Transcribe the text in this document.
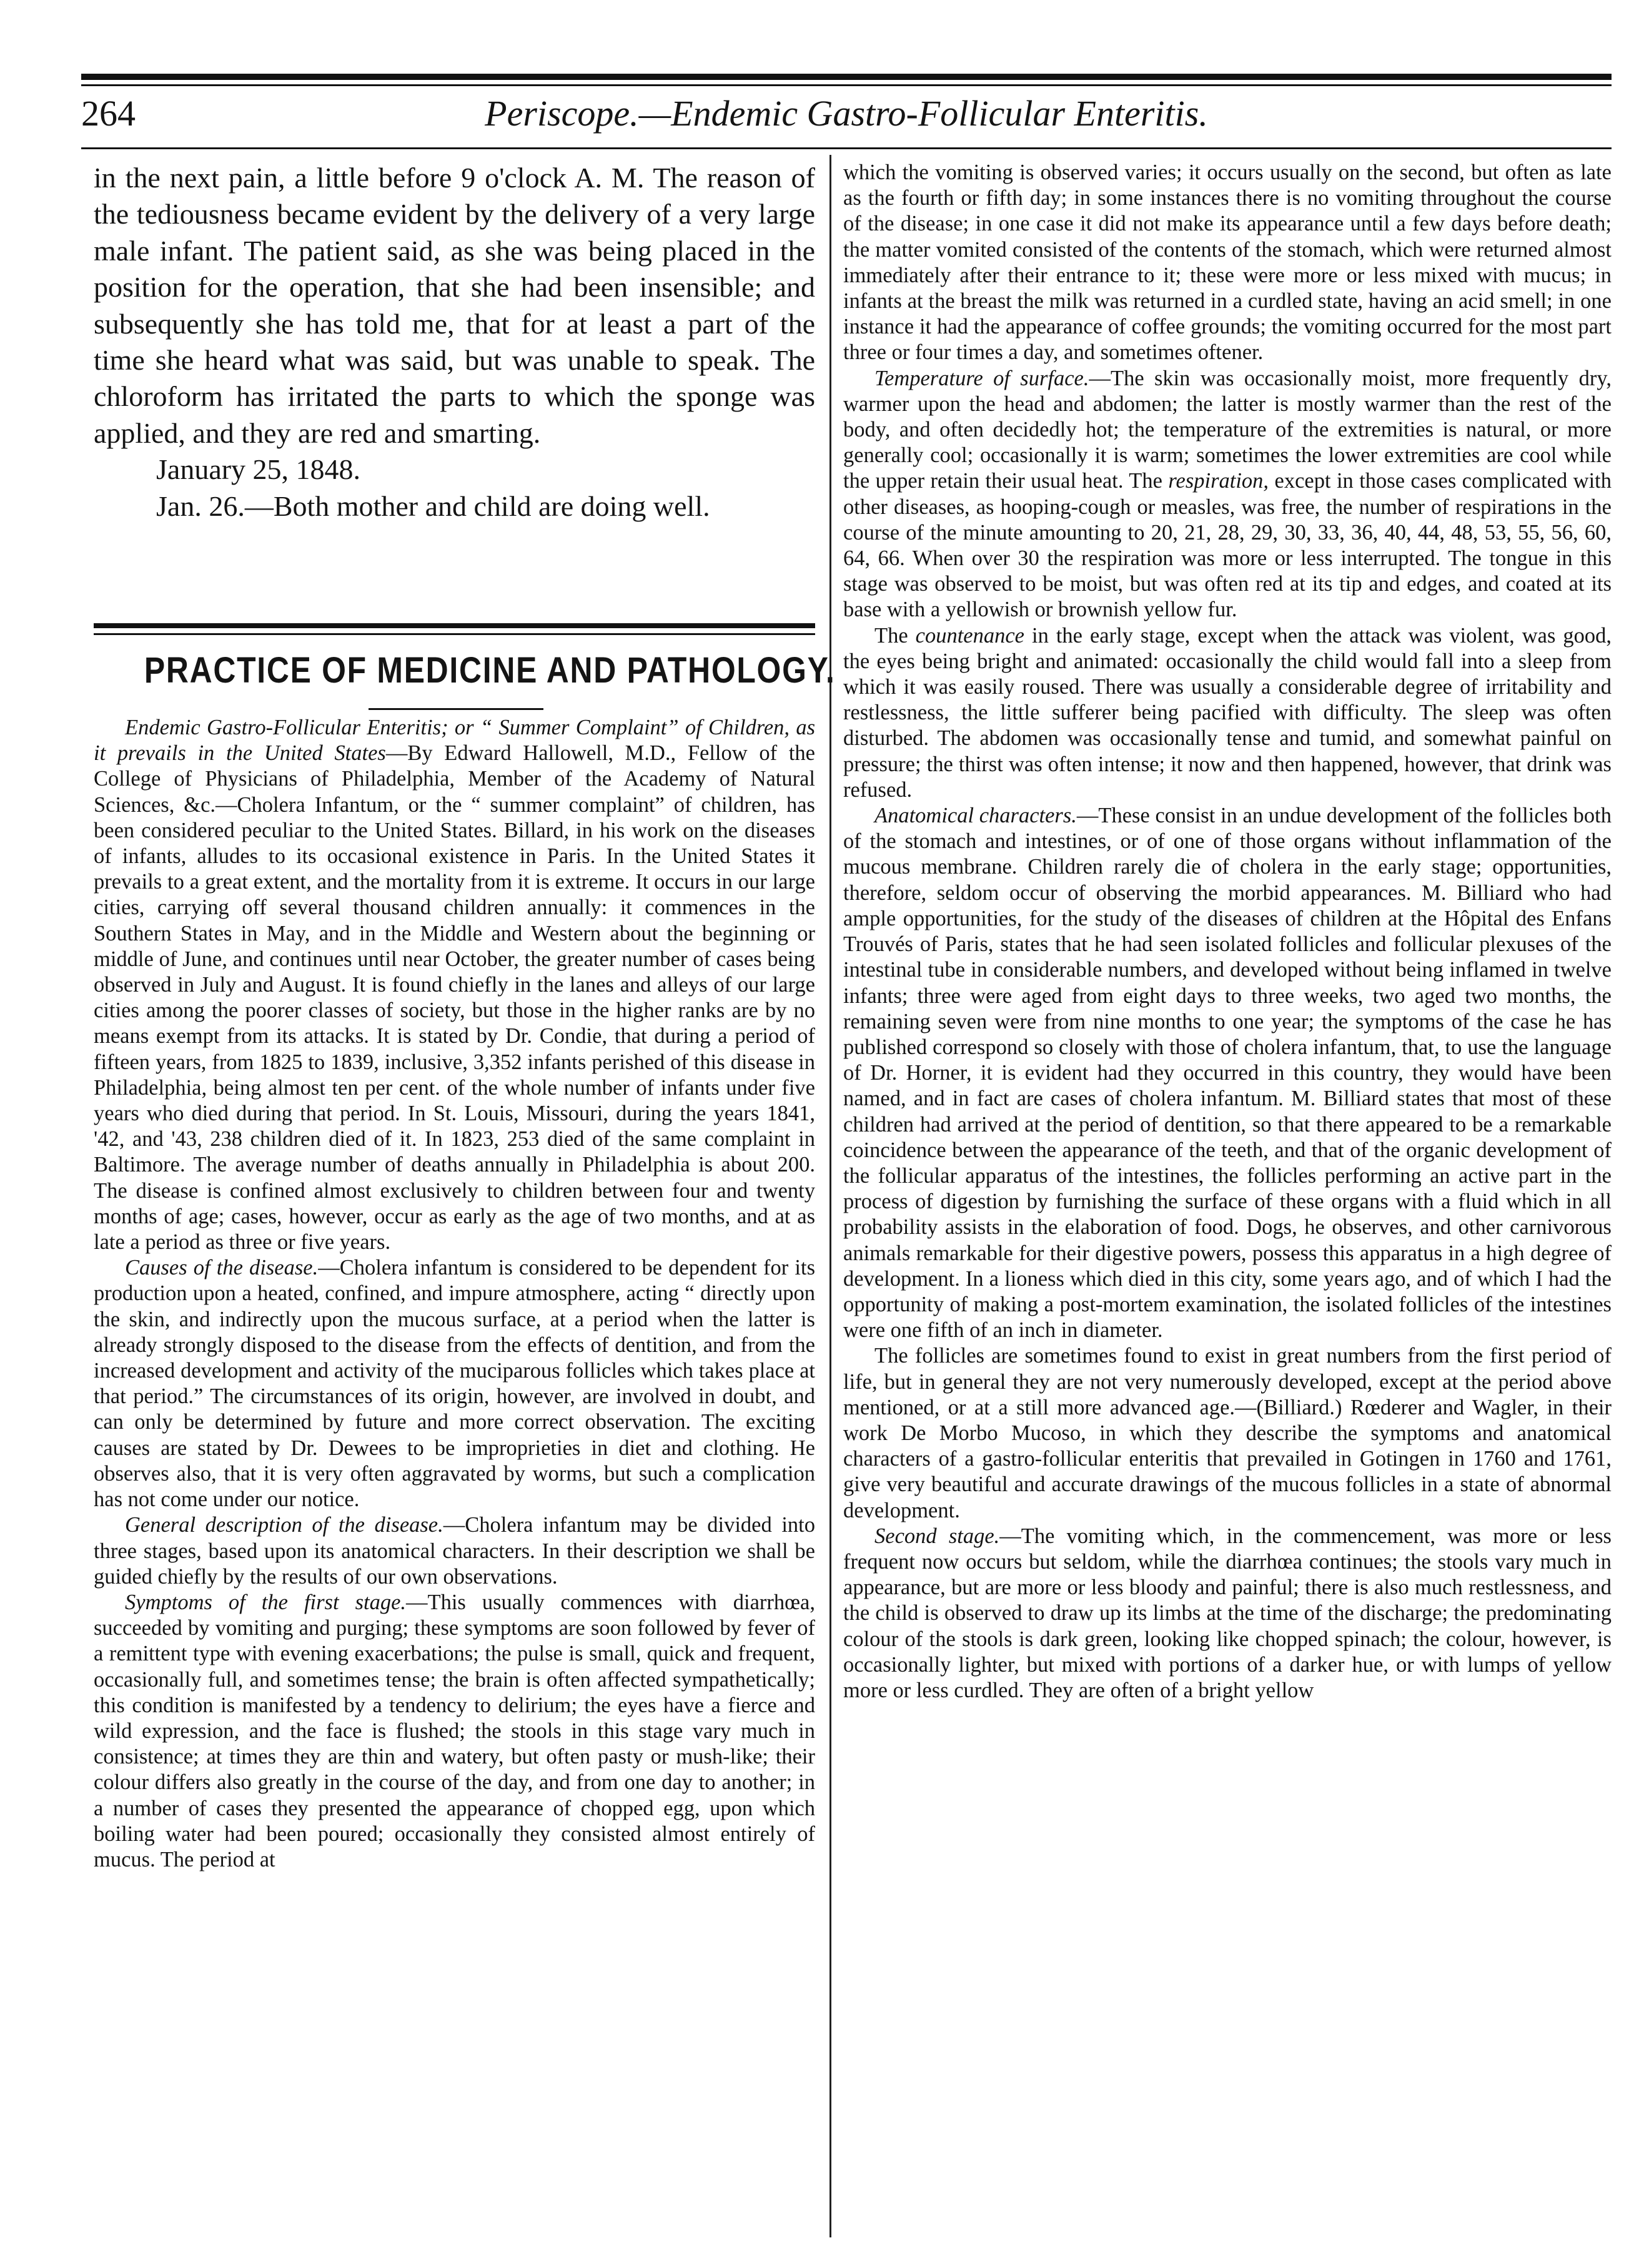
264	Periscope.—Endemic Gastro-Follicular Enteritis.

in the next pain, a little before 9 o'clock A. M. The reason of the tediousness became evident by the delivery of a very large male infant. The patient said, as she was being placed in the position for the operation, that she had been insensible; and subsequently she has told me, that for at least a part of the time she heard what was said, but was unable to speak. The chloroform has irritated the parts to which the sponge was applied, and they are red and smarting.

January 25, 1848.

Jan. 26.—Both mother and child are doing well.

PRACTICE OF MEDICINE AND PATHOLOGY.

Endemic Gastro-Follicular Enteritis; or “ Summer Complaint” of Children, as it prevails in the United States—By Edward Hallowell, M.D., Fellow of the College of Physicians of Philadelphia, Member of the Academy of Natural Sciences, &c.—Cholera Infantum, or the “ summer complaint” of children, has been considered peculiar to the United States. Billard, in his work on the diseases of infants, alludes to its occasional existence in Paris. In the United States it prevails to a great extent, and the mortality from it is extreme. It occurs in our large cities, carrying off several thousand children annually: it commences in the Southern States in May, and in the Middle and Western about the beginning or middle of June, and continues until near October, the greater number of cases being observed in July and August. It is found chiefly in the lanes and alleys of our large cities among the poorer classes of society, but those in the higher ranks are by no means exempt from its attacks. It is stated by Dr. Condie, that during a period of fifteen years, from 1825 to 1839, inclusive, 3,352 infants perished of this disease in Philadelphia, being almost ten per cent. of the whole number of infants under five years who died during that period. In St. Louis, Missouri, during the years 1841, '42, and '43, 238 children died of it. In 1823, 253 died of the same complaint in Baltimore. The average number of deaths annually in Philadelphia is about 200. The disease is confined almost exclusively to children between four and twenty months of age; cases, however, occur as early as the age of two months, and at as late a period as three or five years.

Causes of the disease.—Cholera infantum is considered to be dependent for its production upon a heated, confined, and impure atmosphere, acting “ directly upon the skin, and indirectly upon the mucous surface, at a period when the latter is already strongly disposed to the disease from the effects of dentition, and from the increased development and activity of the muciparous follicles which takes place at that period.” The circumstances of its origin, however, are involved in doubt, and can only be determined by future and more correct observation. The exciting causes are stated by Dr. Dewees to be improprieties in diet and clothing. He observes also, that it is very often aggravated by worms, but such a complication has not come under our notice.

General description of the disease.—Cholera infantum may be divided into three stages, based upon its anatomical characters. In their description we shall be guided chiefly by the results of our own observations.

Symptoms of the first stage.—This usually commences with diarrhœa, succeeded by vomiting and purging; these symptoms are soon followed by fever of a remittent type with evening exacerbations; the pulse is small, quick and frequent, occasionally full, and sometimes tense; the brain is often affected sympathetically; this condition is manifested by a tendency to delirium; the eyes have a fierce and wild expression, and the face is flushed; the stools in this stage vary much in consistence; at times they are thin and watery, but often pasty or mush-like; their colour differs also greatly in the course of the day, and from one day to another; in a number of cases they presented the appearance of chopped egg, upon which boiling water had been poured; occasionally they consisted almost entirely of mucus. The period at

which the vomiting is observed varies; it occurs usually on the second, but often as late as the fourth or fifth day; in some instances there is no vomiting throughout the course of the disease; in one case it did not make its appearance until a few days before death; the matter vomited consisted of the contents of the stomach, which were returned almost immediately after their entrance to it; these were more or less mixed with mucus; in infants at the breast the milk was returned in a curdled state, having an acid smell; in one instance it had the appearance of coffee grounds; the vomiting occurred for the most part three or four times a day, and sometimes oftener.

Temperature of surface.—The skin was occasionally moist, more frequently dry, warmer upon the head and abdomen; the latter is mostly warmer than the rest of the body, and often decidedly hot; the temperature of the extremities is natural, or more generally cool; occasionally it is warm; sometimes the lower extremities are cool while the upper retain their usual heat. The respiration, except in those cases complicated with other diseases, as hooping-cough or measles, was free, the number of respirations in the course of the minute amounting to 20, 21, 28, 29, 30, 33, 36, 40, 44, 48, 53, 55, 56, 60, 64, 66. When over 30 the respiration was more or less interrupted. The tongue in this stage was observed to be moist, but was often red at its tip and edges, and coated at its base with a yellowish or brownish yellow fur.

The countenance in the early stage, except when the attack was violent, was good, the eyes being bright and animated: occasionally the child would fall into a sleep from which it was easily roused. There was usually a considerable degree of irritability and restlessness, the little sufferer being pacified with difficulty. The sleep was often disturbed. The abdomen was occasionally tense and tumid, and somewhat painful on pressure; the thirst was often intense; it now and then happened, however, that drink was refused.

Anatomical characters.—These consist in an undue development of the follicles both of the stomach and intestines, or of one of those organs without inflammation of the mucous membrane. Children rarely die of cholera in the early stage; opportunities, therefore, seldom occur of observing the morbid appearances. M. Billiard who had ample opportunities, for the study of the diseases of children at the Hôpital des Enfans Trouvés of Paris, states that he had seen isolated follicles and follicular plexuses of the intestinal tube in considerable numbers, and developed without being inflamed in twelve infants; three were aged from eight days to three weeks, two aged two months, the remaining seven were from nine months to one year; the symptoms of the case he has published correspond so closely with those of cholera infantum, that, to use the language of Dr. Horner, it is evident had they occurred in this country, they would have been named, and in fact are cases of cholera infantum. M. Billiard states that most of these children had arrived at the period of dentition, so that there appeared to be a remarkable coincidence between the appearance of the teeth, and that of the organic development of the follicular apparatus of the intestines, the follicles performing an active part in the process of digestion by furnishing the surface of these organs with a fluid which in all probability assists in the elaboration of food. Dogs, he observes, and other carnivorous animals remarkable for their digestive powers, possess this apparatus in a high degree of development. In a lioness which died in this city, some years ago, and of which I had the opportunity of making a post-mortem examination, the isolated follicles of the intestines were one fifth of an inch in diameter.

The follicles are sometimes found to exist in great numbers from the first period of life, but in general they are not very numerously developed, except at the period above mentioned, or at a still more advanced age.—(Billiard.) Rœderer and Wagler, in their work De Morbo Mucoso, in which they describe the symptoms and anatomical characters of a gastro-follicular enteritis that prevailed in Gotingen in 1760 and 1761, give very beautiful and accurate drawings of the mucous follicles in a state of abnormal development.

Second stage.—The vomiting which, in the commencement, was more or less frequent now occurs but seldom, while the diarrhœa continues; the stools vary much in appearance, but are more or less bloody and painful; there is also much restlessness, and the child is observed to draw up its limbs at the time of the discharge; the predominating colour of the stools is dark green, looking like chopped spinach; the colour, however, is occasionally lighter, but mixed with portions of a darker hue, or with lumps of yellow more or less curdled. They are often of a bright yellow
